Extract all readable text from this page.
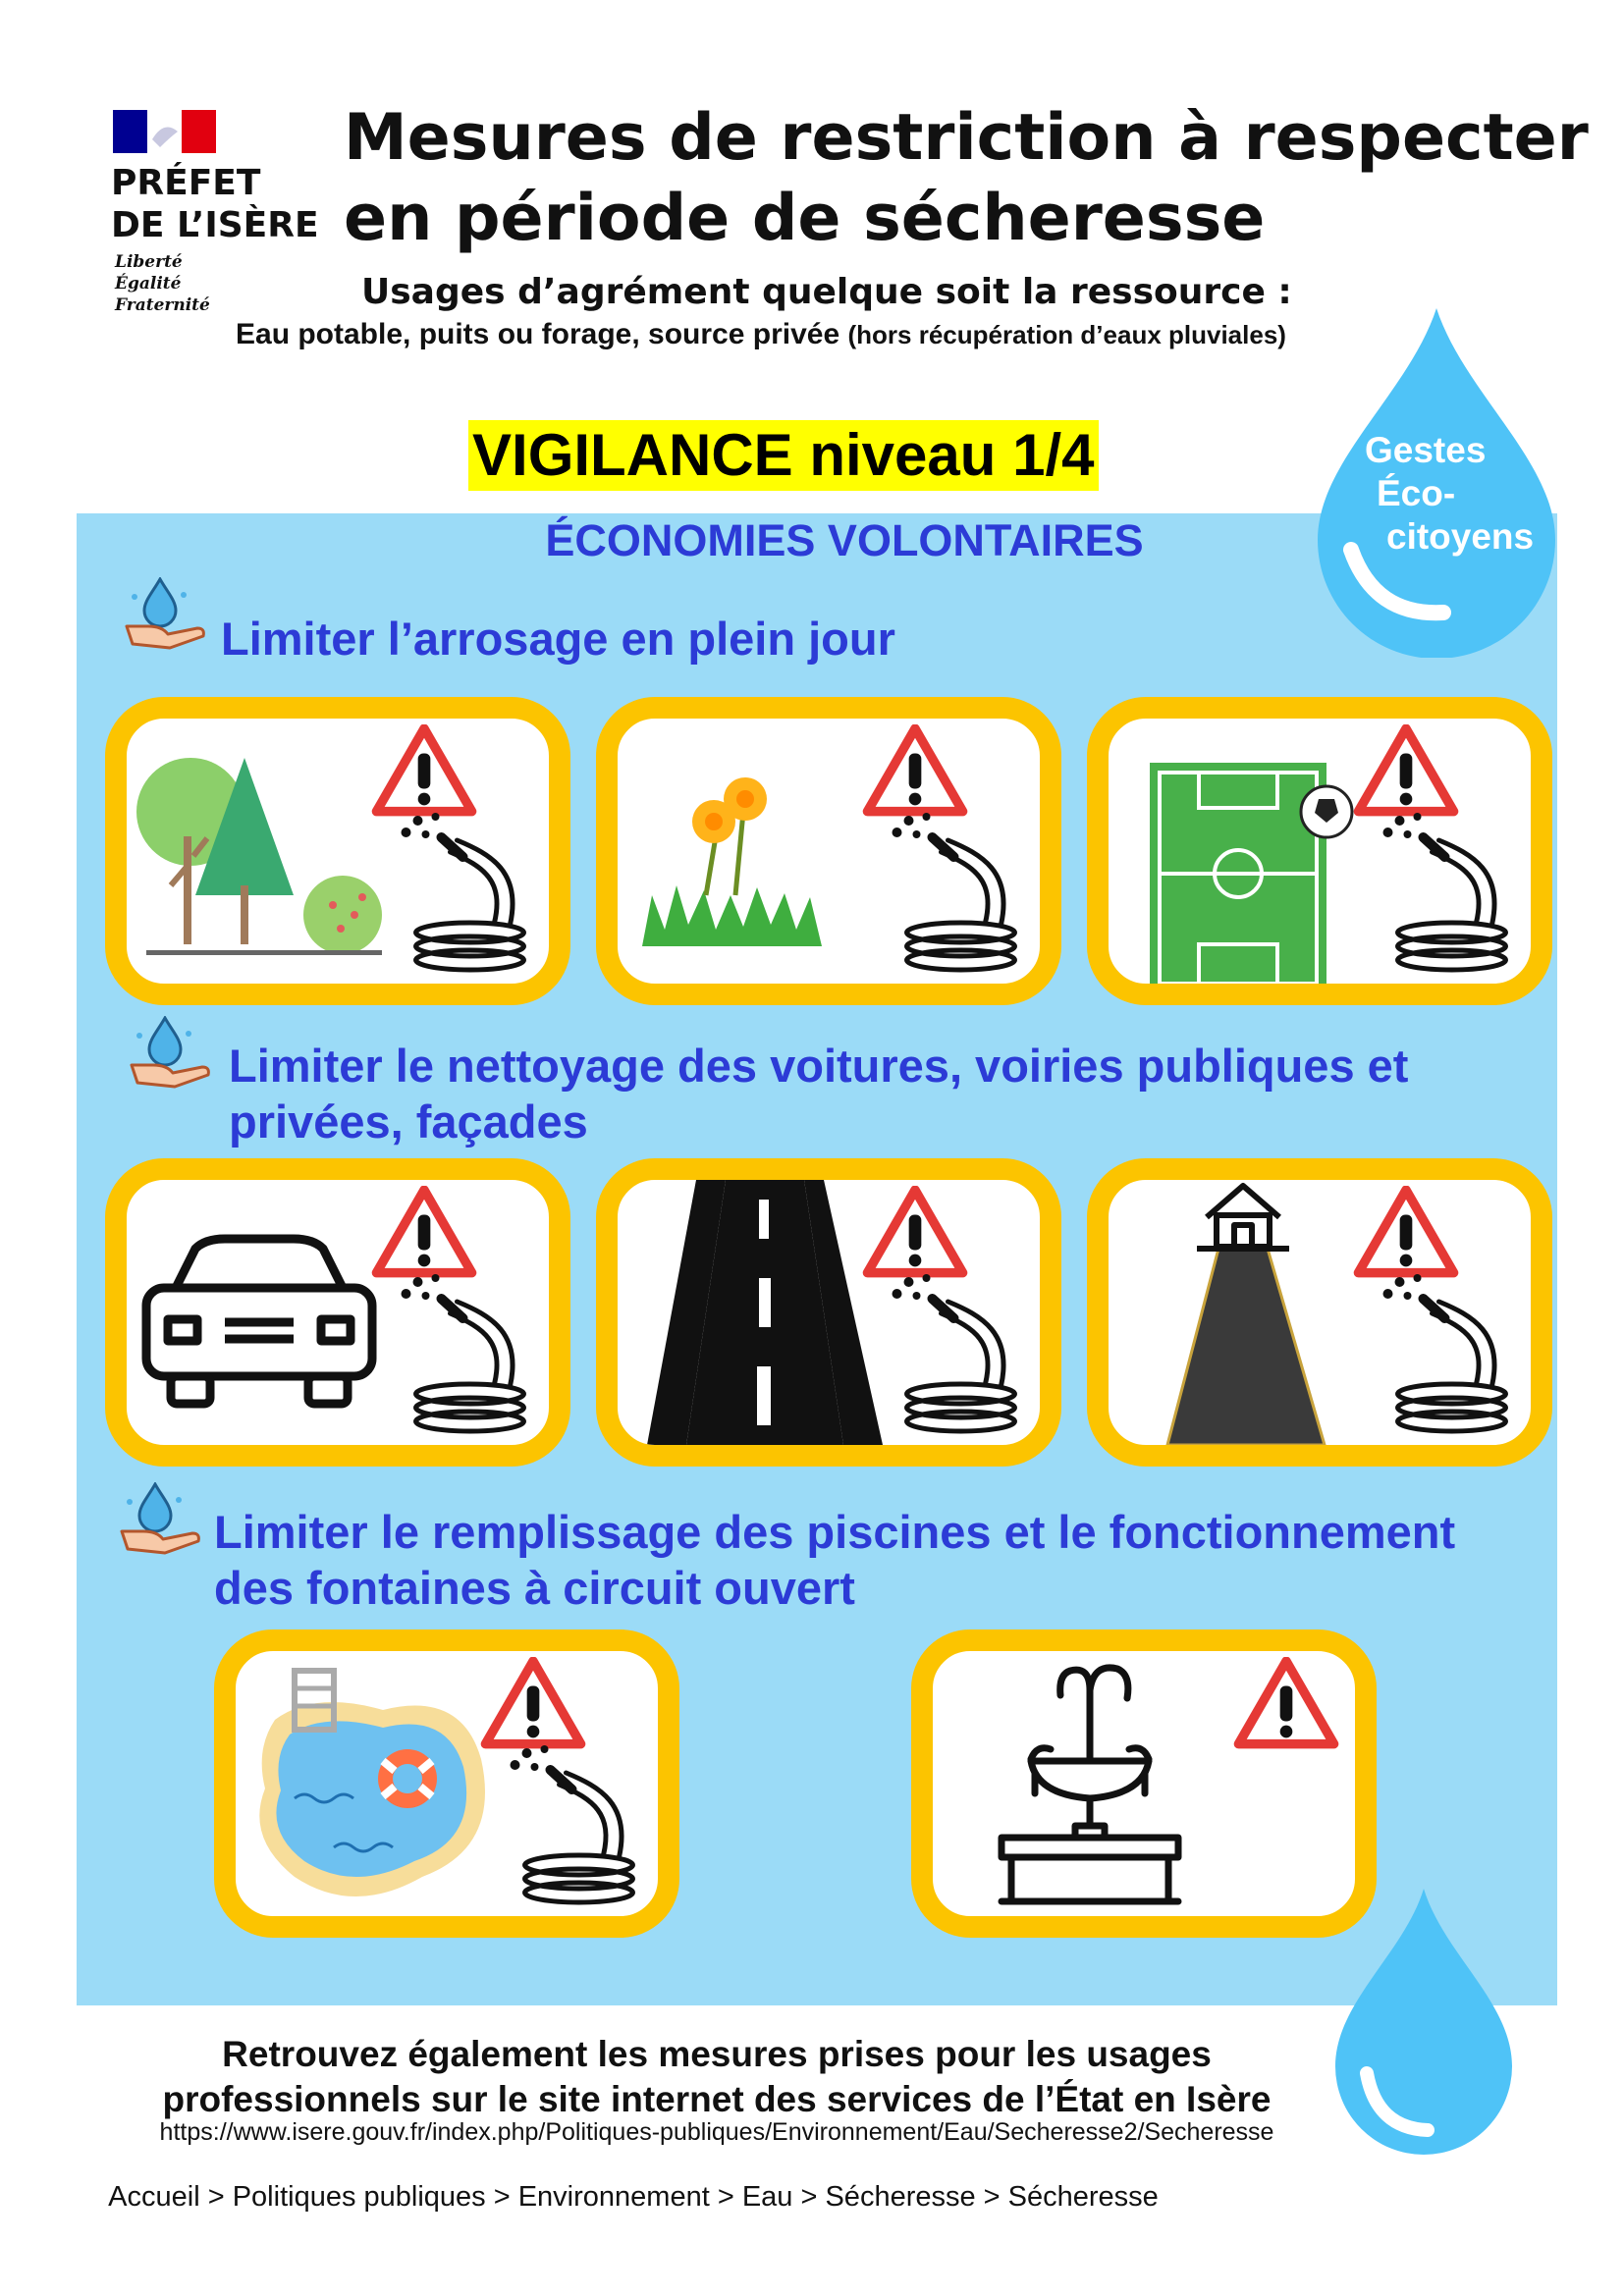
PRÉFET
DE L’ISÈRE
Liberté
Égalité
Fraternité
Mesures de restriction à respecter
en période de sécheresse
Usages d’agrément quelque soit la ressource :
Eau potable, puits ou forage, source privée (hors récupération d’eaux pluviales)
Gestes
Éco-
citoyens
VIGILANCE niveau 1/4
ÉCONOMIES VOLONTAIRES
Limiter l’arrosage en plein jour
Limiter le nettoyage des voitures, voiries publiques et
privées, façades
Limiter le remplissage des piscines et le fonctionnement
des fontaines à circuit ouvert
Retrouvez également les mesures prises pour les usages
professionnels sur le site internet des services de l’État en Isère
https://www.isere.gouv.fr/index.php/Politiques-publiques/Environnement/Eau/Secheresse2/Secheresse
Accueil > Politiques publiques > Environnement > Eau > Sécheresse > Sécheresse
